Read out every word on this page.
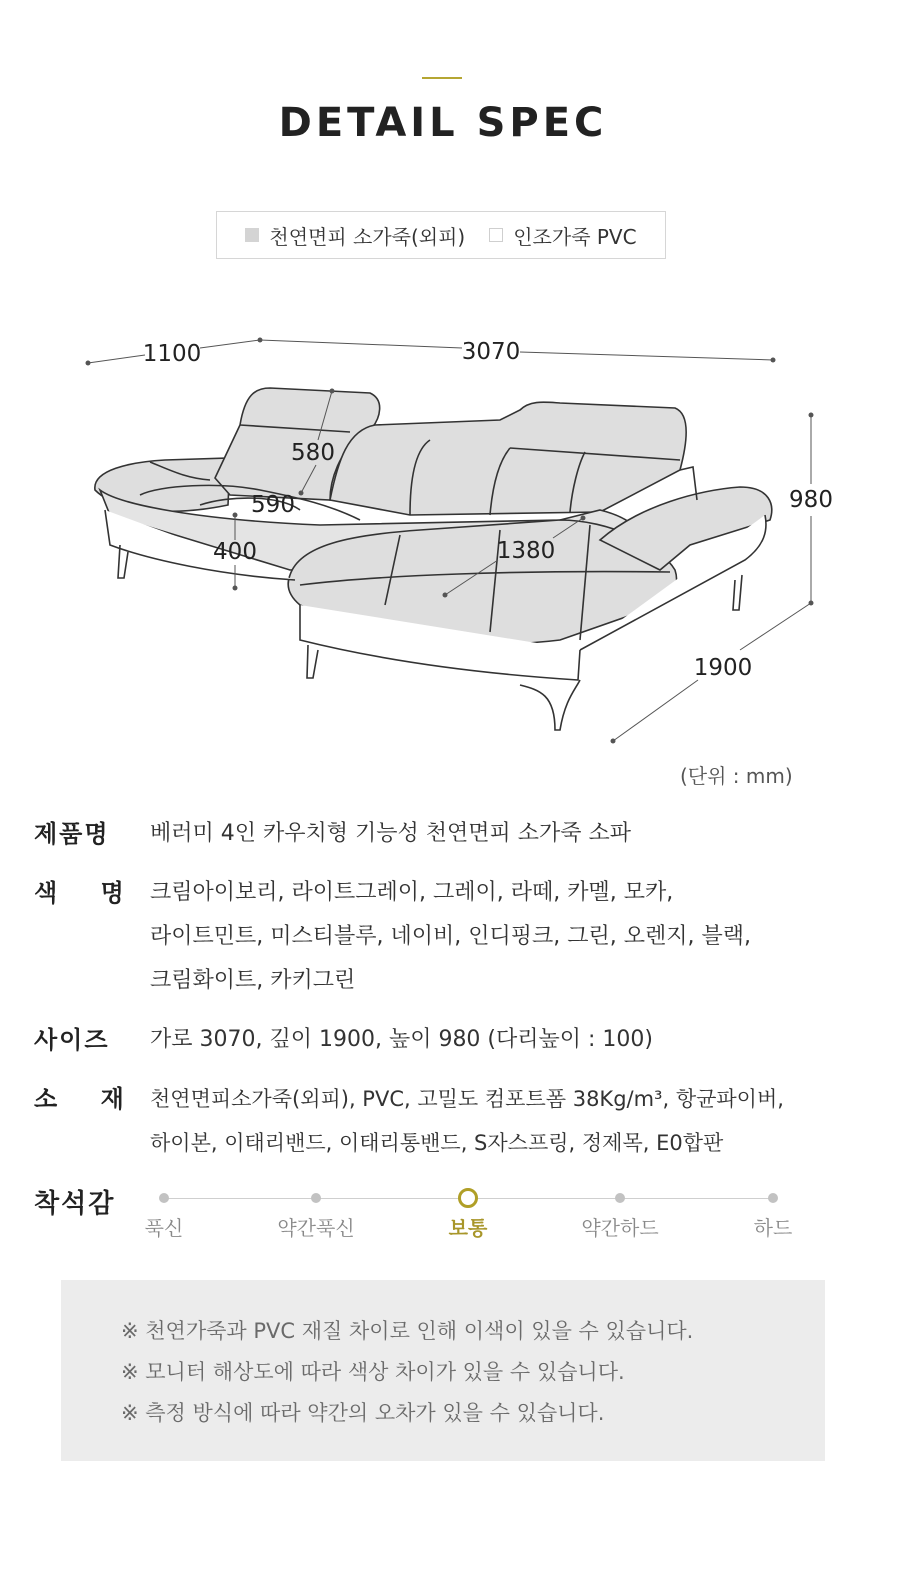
DETAIL SPEC
천연면피 소가죽(외피) 인조가죽 PVC
1100	3070
980
580
590
400	1380
1900
(단위 : mm)
제품명	베러미 4인 카우치형 기능성 천연면피 소가죽 소파
색    명	크림아이보리, 라이트그레이, 그레이, 라떼, 카멜, 모카,
라이트민트, 미스티블루, 네이비, 인디핑크, 그린, 오렌지, 블랙,
크림화이트, 카키그린
사이즈	가로 3070, 깊이 1900, 높이 980 (다리높이 : 100)
소    재	천연면피소가죽(외피), PVC, 고밀도 컴포트폼 38Kg/m³, 항균파이버,
하이본, 이태리밴드, 이태리통밴드, S자스프링, 정제목, E0합판
착석감
푹신	약간푹신	보통	약간하드	하드
※ 천연가죽과 PVC 재질 차이로 인해 이색이 있을 수 있습니다.
※ 모니터 해상도에 따라 색상 차이가 있을 수 있습니다.
※ 측정 방식에 따라 약간의 오차가 있을 수 있습니다.
